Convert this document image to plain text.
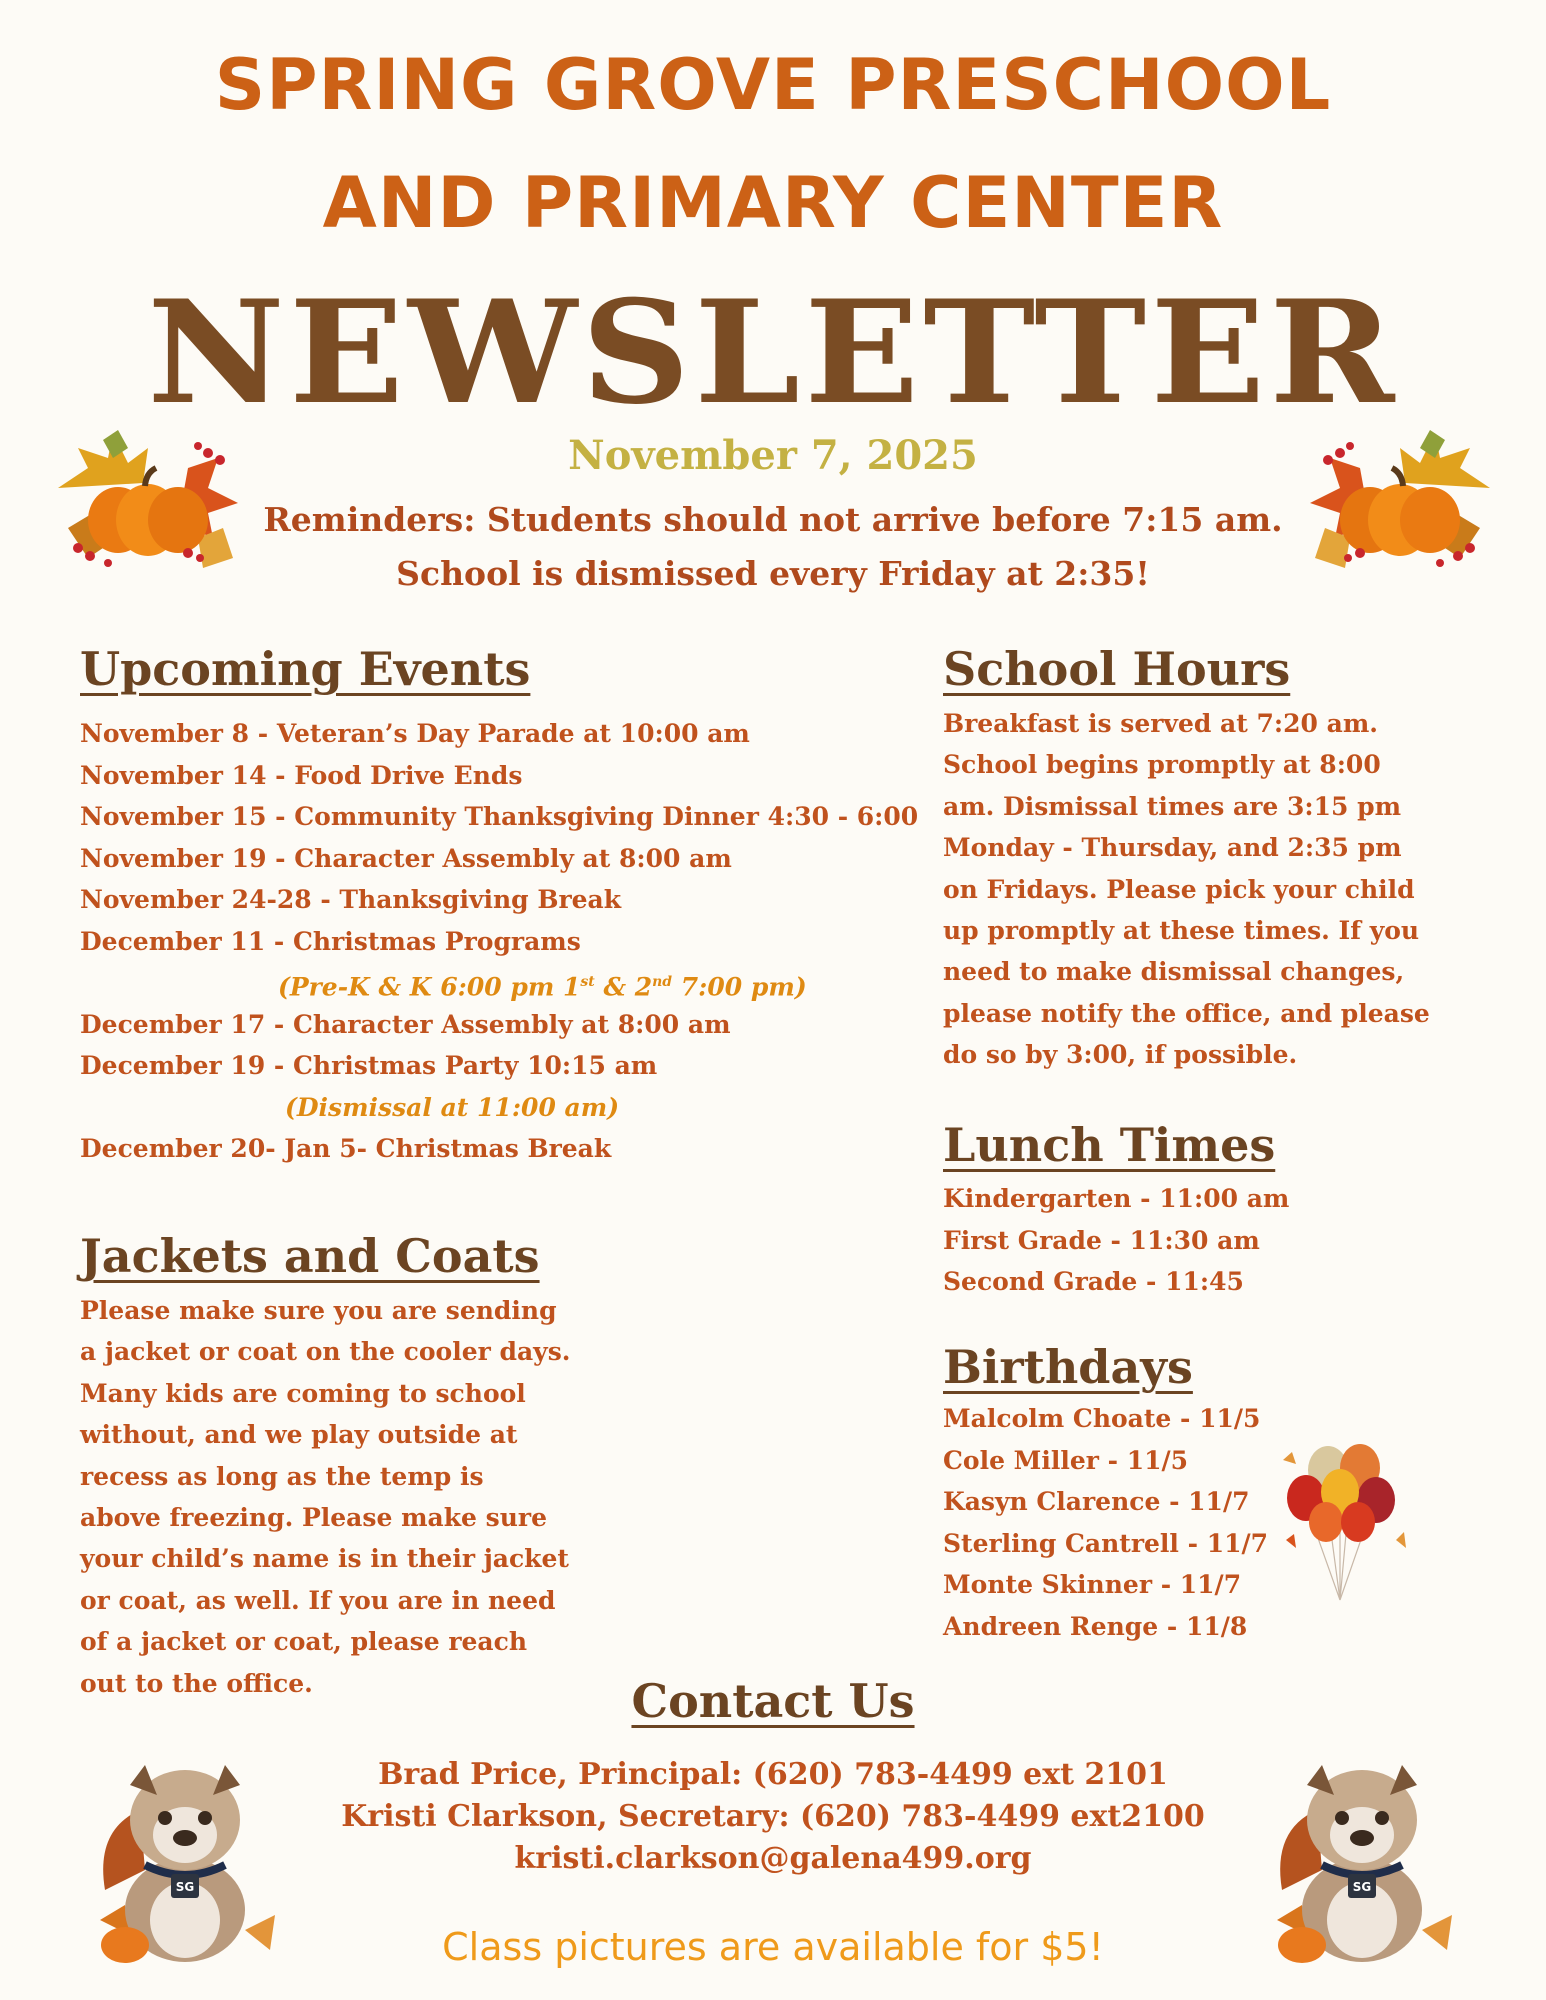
SPRING GROVE PRESCHOOL
AND PRIMARY CENTER
NEWSLETTER
November 7, 2025
Reminders: Students should not arrive before 7:15 am.
School is dismissed every Friday at 2:35!
Upcoming Events
November 8 - Veteran’s Day Parade at 10:00 am
November 14 - Food Drive Ends
November 15 - Community Thanksgiving Dinner 4:30 - 6:00
November 19 - Character Assembly at 8:00 am
November 24-28 - Thanksgiving Break
December 11 - Christmas Programs
(Pre-K & K 6:00 pm 1st & 2nd 7:00 pm)
December 17 - Character Assembly at 8:00 am
December 19 - Christmas Party 10:15 am
(Dismissal at 11:00 am)
December 20- Jan 5- Christmas Break
Jackets and Coats
Please make sure you are sending
a jacket or coat on the cooler days.
Many kids are coming to school
without, and we play outside at
recess as long as the temp is
above freezing. Please make sure
your child’s name is in their jacket
or coat, as well. If you are in need
of a jacket or coat, please reach
out to the office.
School Hours
Breakfast is served at 7:20 am.
School begins promptly at 8:00
am. Dismissal times are 3:15 pm
Monday - Thursday, and 2:35 pm
on Fridays. Please pick your child
up promptly at these times. If you
need to make dismissal changes,
please notify the office, and please
do so by 3:00, if possible.
Lunch Times
Kindergarten - 11:00 am
First Grade - 11:30 am
Second Grade - 11:45
Birthdays
Malcolm Choate - 11/5
Cole Miller - 11/5
Kasyn Clarence - 11/7
Sterling Cantrell - 11/7
Monte Skinner - 11/7
Andreen Renge - 11/8
Contact Us
Brad Price, Principal: (620) 783-4499 ext 2101
Kristi Clarkson, Secretary: (620) 783-4499 ext2100
kristi.clarkson@galena499.org
Class pictures are available for $5!
SG	SG
